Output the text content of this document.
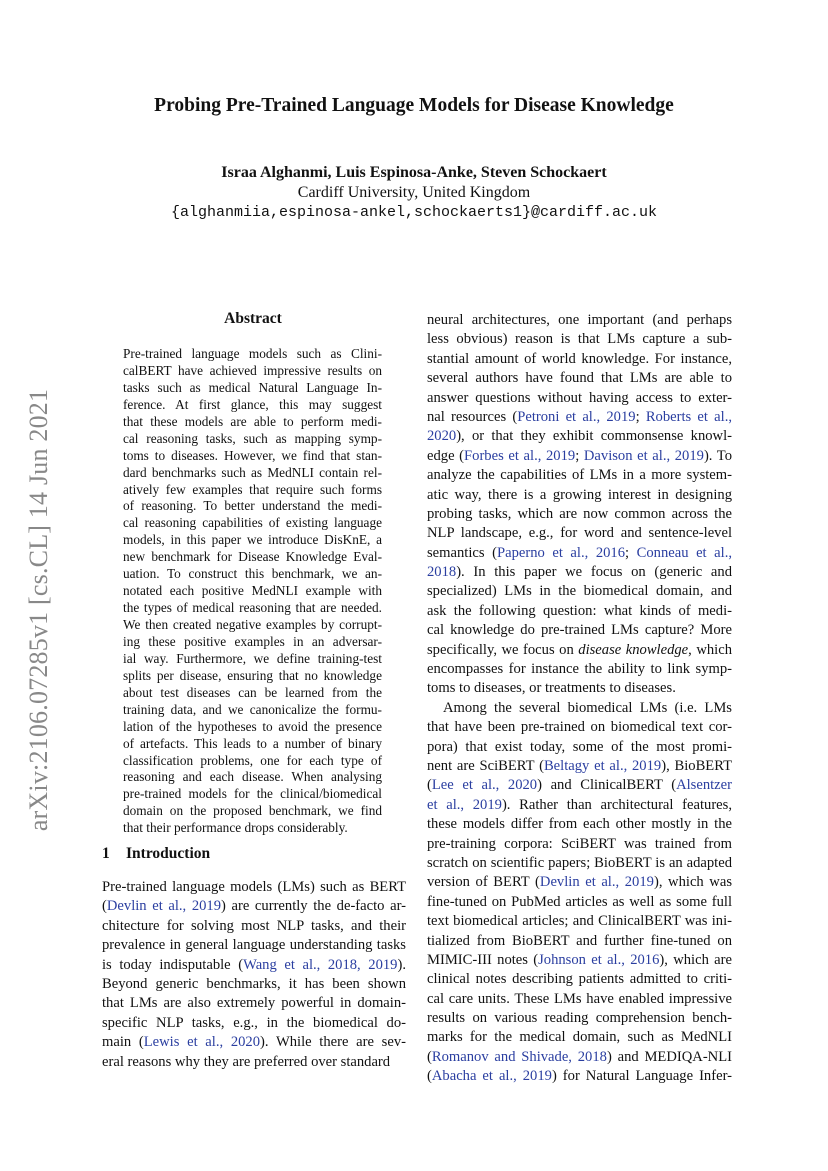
arXiv:2106.07285v1 [cs.CL] 14 Jun 2021
Probing Pre-Trained Language Models for Disease Knowledge
Israa Alghanmi, Luis Espinosa-Anke, Steven Schockaert
Cardiff University, United Kingdom
{alghanmiia,espinosa-ankel,schockaerts1}@cardiff.ac.uk
Abstract
Pre-trained language models such as Clini-
calBERT have achieved impressive results on
tasks such as medical Natural Language In-
ference. At first glance, this may suggest
that these models are able to perform medi-
cal reasoning tasks, such as mapping symp-
toms to diseases. However, we find that stan-
dard benchmarks such as MedNLI contain rel-
atively few examples that require such forms
of reasoning. To better understand the medi-
cal reasoning capabilities of existing language
models, in this paper we introduce DisKnE, a
new benchmark for Disease Knowledge Eval-
uation. To construct this benchmark, we an-
notated each positive MedNLI example with
the types of medical reasoning that are needed.
We then created negative examples by corrupt-
ing these positive examples in an adversar-
ial way. Furthermore, we define training-test
splits per disease, ensuring that no knowledge
about test diseases can be learned from the
training data, and we canonicalize the formu-
lation of the hypotheses to avoid the presence
of artefacts. This leads to a number of binary
classification problems, one for each type of
reasoning and each disease. When analysing
pre-trained models for the clinical/biomedical
domain on the proposed benchmark, we find
that their performance drops considerably.
1 Introduction
Pre-trained language models (LMs) such as BERT
(Devlin et al., 2019) are currently the de-facto ar-
chitecture for solving most NLP tasks, and their
prevalence in general language understanding tasks
is today indisputable (Wang et al., 2018, 2019).
Beyond generic benchmarks, it has been shown
that LMs are also extremely powerful in domain-
specific NLP tasks, e.g., in the biomedical do-
main (Lewis et al., 2020). While there are sev-
eral reasons why they are preferred over standard
neural architectures, one important (and perhaps
less obvious) reason is that LMs capture a sub-
stantial amount of world knowledge. For instance,
several authors have found that LMs are able to
answer questions without having access to exter-
nal resources (Petroni et al., 2019; Roberts et al.,
2020), or that they exhibit commonsense knowl-
edge (Forbes et al., 2019; Davison et al., 2019). To
analyze the capabilities of LMs in a more system-
atic way, there is a growing interest in designing
probing tasks, which are now common across the
NLP landscape, e.g., for word and sentence-level
semantics (Paperno et al., 2016; Conneau et al.,
2018). In this paper we focus on (generic and
specialized) LMs in the biomedical domain, and
ask the following question: what kinds of medi-
cal knowledge do pre-trained LMs capture? More
specifically, we focus on disease knowledge, which
encompasses for instance the ability to link symp-
toms to diseases, or treatments to diseases.
Among the several biomedical LMs (i.e. LMs
that have been pre-trained on biomedical text cor-
pora) that exist today, some of the most promi-
nent are SciBERT (Beltagy et al., 2019), BioBERT
(Lee et al., 2020) and ClinicalBERT (Alsentzer
et al., 2019). Rather than architectural features,
these models differ from each other mostly in the
pre-training corpora: SciBERT was trained from
scratch on scientific papers; BioBERT is an adapted
version of BERT (Devlin et al., 2019), which was
fine-tuned on PubMed articles as well as some full
text biomedical articles; and ClinicalBERT was ini-
tialized from BioBERT and further fine-tuned on
MIMIC-III notes (Johnson et al., 2016), which are
clinical notes describing patients admitted to criti-
cal care units. These LMs have enabled impressive
results on various reading comprehension bench-
marks for the medical domain, such as MedNLI
(Romanov and Shivade, 2018) and MEDIQA-NLI
(Abacha et al., 2019) for Natural Language Infer-
